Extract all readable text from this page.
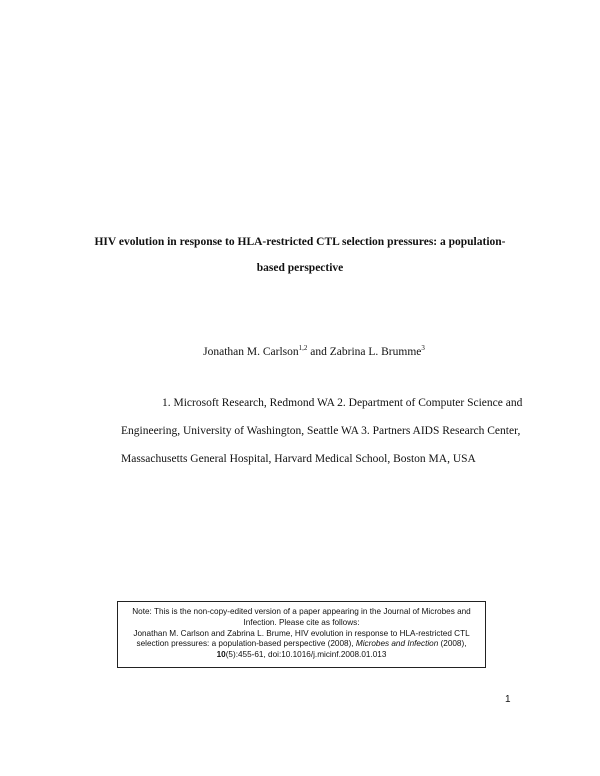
HIV evolution in response to HLA-restricted CTL selection pressures: a population-
based perspective
Jonathan M. Carlson$^{1,2}$ and Zabrina L. Brumme$^3$
1. Microsoft Research, Redmond WA 2. Department of Computer Science and
Engineering, University of Washington, Seattle WA 3. Partners AIDS Research Center,
Massachusetts General Hospital, Harvard Medical School, Boston MA, USA
Note: This is the non-copy-edited version of a paper appearing in the Journal of Microbes and Infection. Please cite as follows:
Jonathan M. Carlson and Zabrina L. Brume, HIV evolution in response to HLA-restricted CTL selection pressures: a population-based perspective (2008), Microbes and Infection (2008), 10(5):455-61, doi:10.1016/j.micinf.2008.01.013
1
